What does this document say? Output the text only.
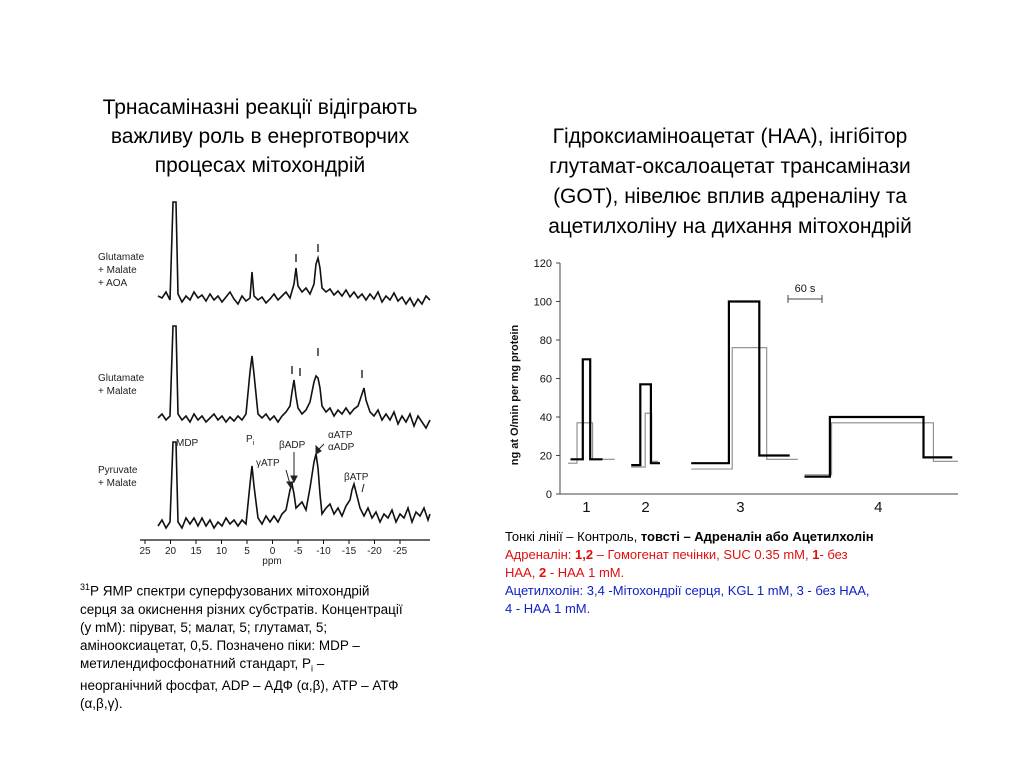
Трнасаміназні реакції відіграють
важливу роль в енерготворчих
процесах мітохондрій
Гідроксиаміноацетат (НАА), інгібітор
глутамат-оксалоацетат трансамінази
(GOT), нівелює вплив адреналіну та
ацетилхоліну на дихання мітохондрій
Glutamate
+ Malate
+ AOA
Glutamate
+ Malate
Pyruvate
+ Malate
MDP	$P_i$ βADP
αATP
αADP
γATP
βATP
25 20 15 10 5 0 -5 -10 -15 -20 -25
ppm
ng at O/min per mg protein
0
20
40
60
80
100
120
1	2	3	4
60 s
$^{31}$Р ЯМР спектри суперфузованих мітохондрій
серця за окиснення різних субстратів. Концентрації
(у mM): піруват, 5; малат, 5; глутамат, 5;
аміноoксиацетат, 0,5. Позначено піки: MDP –
метилендифосфонатний стандарт, $P_i$ –
неорганічний фосфат, ADP – АДФ (α,β), ATP – АТФ
(α,β,γ).
Тонкі лінії – Контроль, товсті – Адреналін або Ацетилхолін
Адреналін: 1,2 – Гомогенат печінки, SUC 0.35 mM, 1- без
НАА, 2 - НАА 1 mM.
Ацетилхолін: 3,4 -Мітохондрії серця, KGL 1 mM, 3 - без НАА,
4 - НАА 1 mM.
